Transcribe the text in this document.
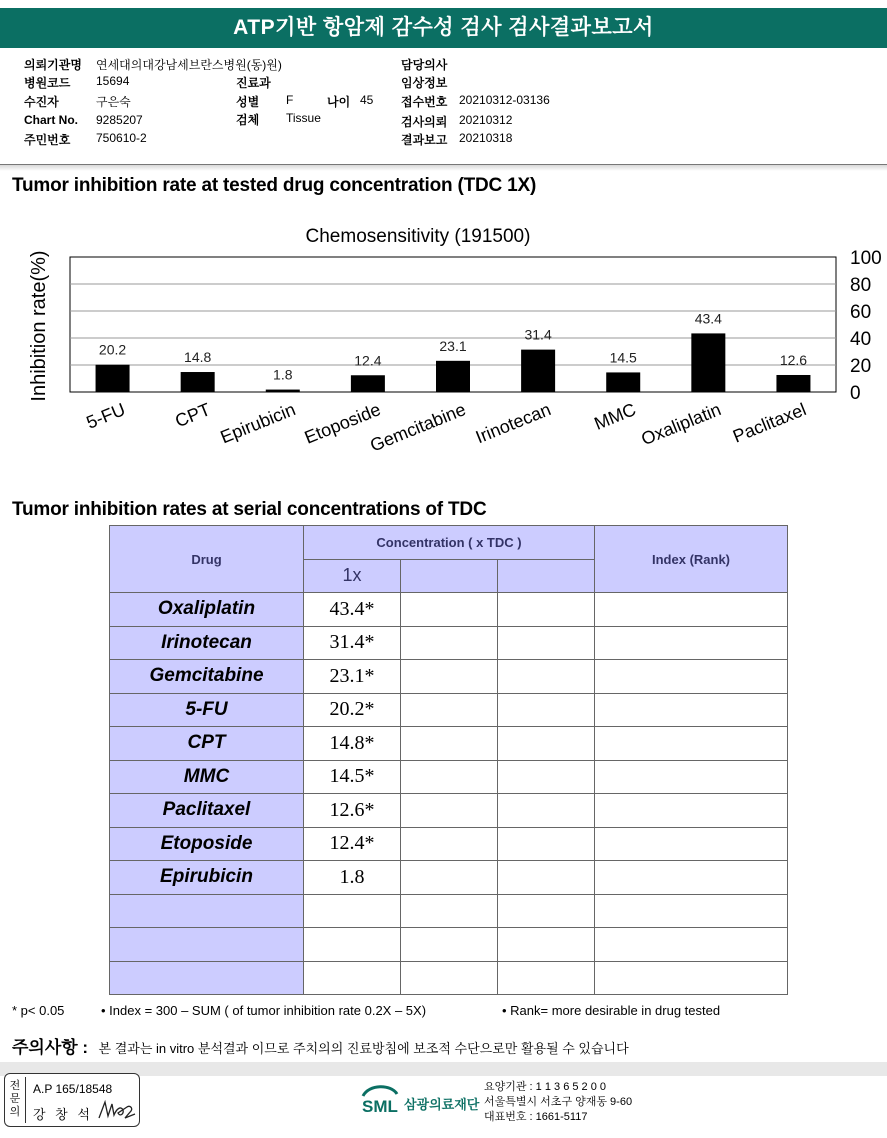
ATP기반 항암제 감수성 검사 검사결과보고서
의뢰기관명 연세대의대강남세브란스병원(동)원)
병원코드 15694
수진자	구은숙
Chart No. 9285207
주민번호 750610-2
진료과
성별 F	나이 45
검체 Tissue
담당의사
임상정보
접수번호 20210312-03136
검사의뢰 20210312
결과보고 20210318
Tumor inhibition rate at tested drug concentration (TDC 1X)
Chemosensitivity (191500)
Inhibition rate(%)	20.2	14.8
1.8
12.4
23.1
31.4
14.5
43.4
12.6
0
20
40
60
80
100
5-FU CPT Epirubicin Etoposide
Gemcitabine Irinotecan MMC Oxaliplatin Paclitaxel
Tumor inhibition rates at serial concentrations of TDC
Drug	Concentration ( x TDC )			Index (Rank)
	1x			
Oxaliplatin	43.4*			
Irinotecan	31.4*			
Gemcitabine	23.1*			
5-FU	20.2*			
CPT	14.8*			
MMC	14.5*			
Paclitaxel	12.6*			
Etoposide	12.4*			
Epirubicin	1.8			

* p< 0.05	• Index = 300 – SUM ( of tumor inhibition rate 0.2X – 5X)	• Rank= more desirable in drug tested
주의사항 : 본 결과는 in vitro 분석결과 이므로 주치의의 진료방침에 보조적 수단으로만 활용될 수 있습니다
전문의
A.P 165/18548
강 창 석	SML 삼광의료재단
요양기관 : 1 1 3 6 5 2 0 0
서울특별시 서초구 양재동 9-60
대표번호 : 1661-5117
